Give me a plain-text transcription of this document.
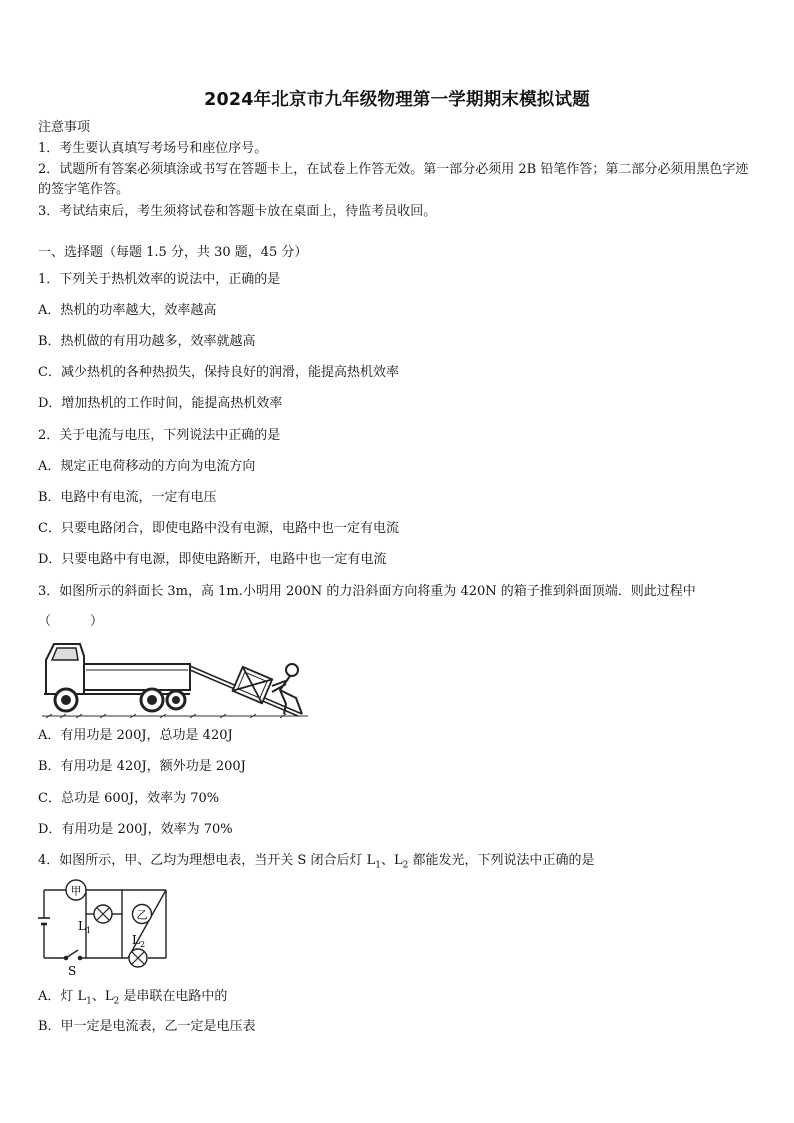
2024年北京市九年级物理第一学期期末模拟试题
注意事项
1．考生要认真填写考场号和座位序号。
2．试题所有答案必须填涂或书写在答题卡上，在试卷上作答无效。第一部分必须用 2B 铅笔作答；第二部分必须用黑色字迹的签字笔作答。
3．考试结束后，考生须将试卷和答题卡放在桌面上，待监考员收回。
一、选择题（每题 1.5 分，共 30 题，45 分）
1．下列关于热机效率的说法中，正确的是
A．热机的功率越大，效率越高
B．热机做的有用功越多，效率就越高
C．减少热机的各种热损失，保持良好的润滑，能提高热机效率
D．增加热机的工作时间，能提高热机效率
2．关于电流与电压，下列说法中正确的是
A．规定正电荷移动的方向为电流方向
B．电路中有电流，一定有电压
C．只要电路闭合，即使电路中没有电源，电路中也一定有电流
D．只要电路中有电源，即使电路断开，电路中也一定有电流
3．如图所示的斜面长 3m，高 1m.小明用 200N 的力沿斜面方向将重为 420N 的箱子推到斜面顶端．则此过程中
（　　　）
A．有用功是 200J，总功是 420J
B．有用功是 420J，额外功是 200J
C．总功是 600J，效率为 70%
D．有用功是 200J，效率为 70%
4．如图所示，甲、乙均为理想电表，当开关 S 闭合后灯 $L_1$、$L_2$ 都能发光，下列说法中正确的是
甲
$L_1$
乙
$L_2$
S
A．灯 $L_1$、$L_2$ 是串联在电路中的
B．甲一定是电流表，乙一定是电压表
